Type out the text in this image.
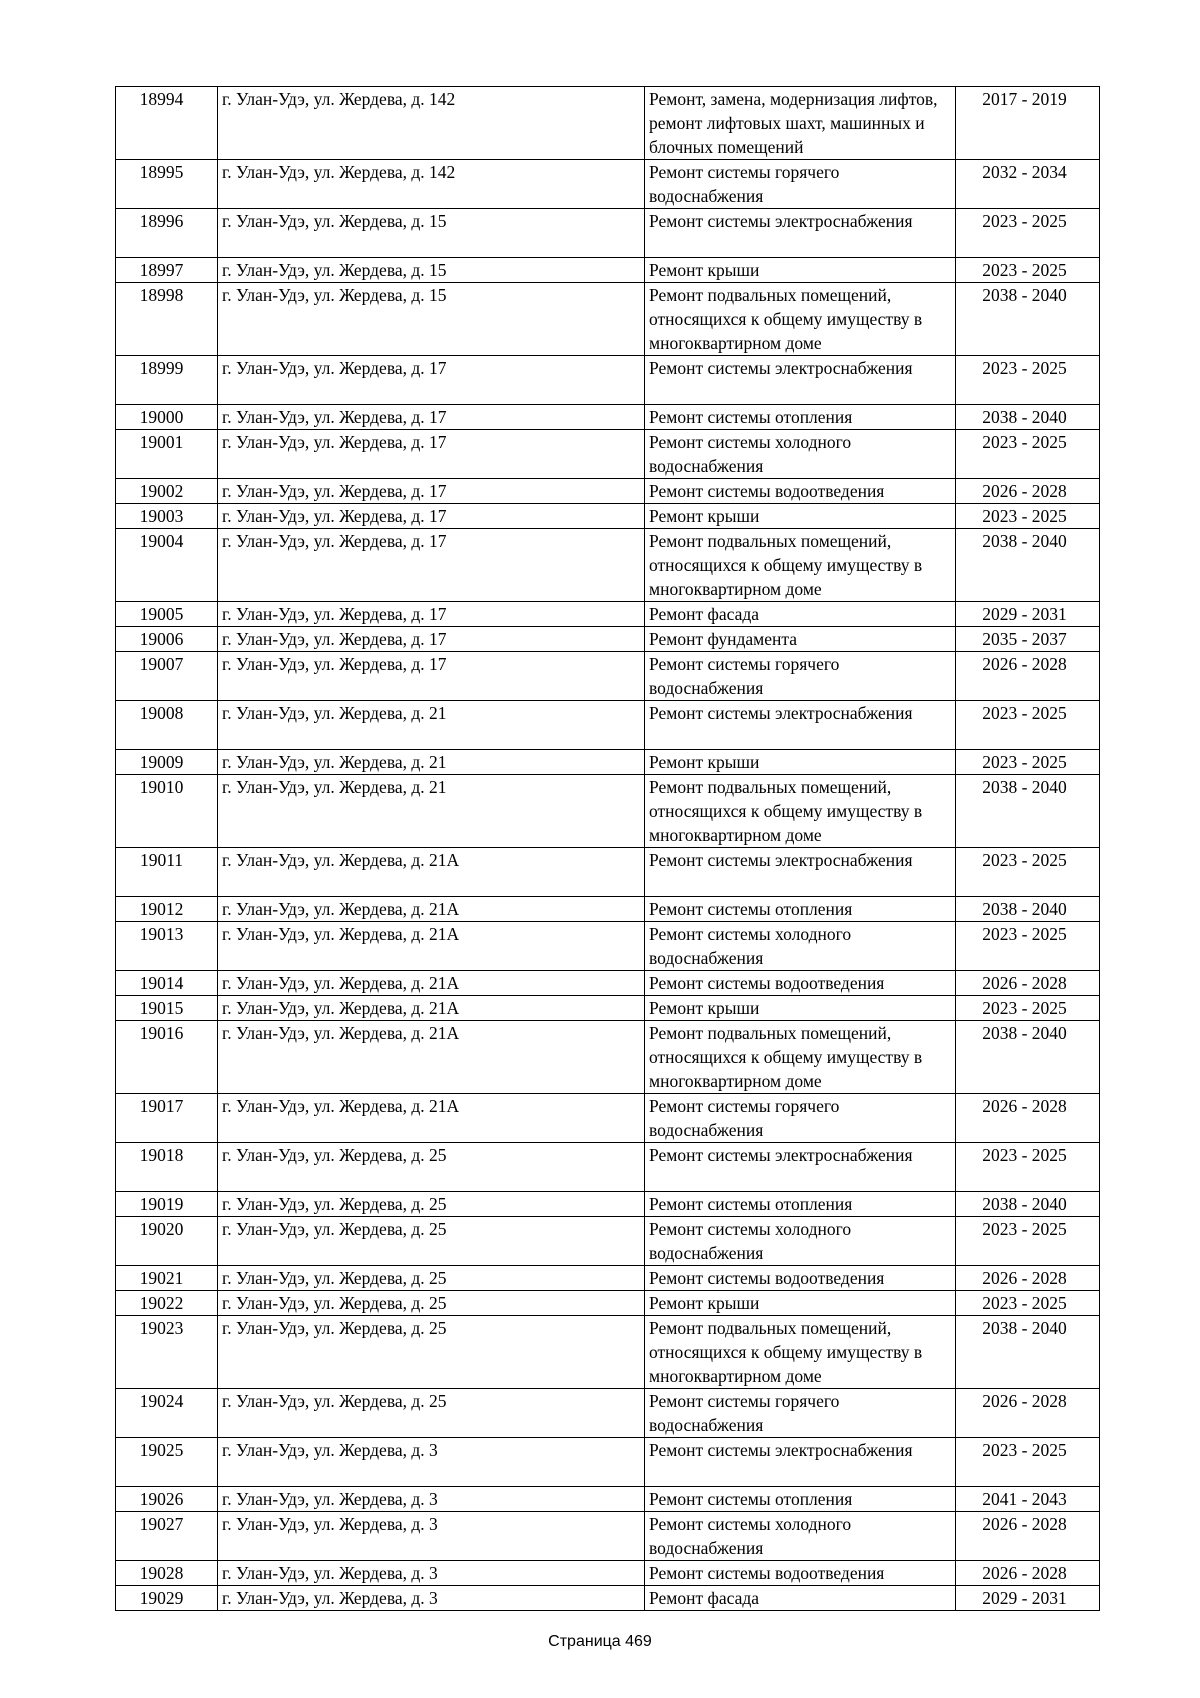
18994	г. Улан-Удэ, ул. Жердева, д. 142	Ремонт, замена, модернизация лифтов, ремонт лифтовых шахт, машинных и блочных помещений	2017 - 2019
18995	г. Улан-Удэ, ул. Жердева, д. 142	Ремонт системы горячего водоснабжения	2032 - 2034
18996	г. Улан-Удэ, ул. Жердева, д. 15	Ремонт системы электроснабжения	2023 - 2025
18997	г. Улан-Удэ, ул. Жердева, д. 15	Ремонт крыши	2023 - 2025
18998	г. Улан-Удэ, ул. Жердева, д. 15	Ремонт подвальных помещений, относящихся к общему имуществу в многоквартирном доме	2038 - 2040
18999	г. Улан-Удэ, ул. Жердева, д. 17	Ремонт системы электроснабжения	2023 - 2025
19000	г. Улан-Удэ, ул. Жердева, д. 17	Ремонт системы отопления	2038 - 2040
19001	г. Улан-Удэ, ул. Жердева, д. 17	Ремонт системы холодного водоснабжения	2023 - 2025
19002	г. Улан-Удэ, ул. Жердева, д. 17	Ремонт системы водоотведения	2026 - 2028
19003	г. Улан-Удэ, ул. Жердева, д. 17	Ремонт крыши	2023 - 2025
19004	г. Улан-Удэ, ул. Жердева, д. 17	Ремонт подвальных помещений, относящихся к общему имуществу в многоквартирном доме	2038 - 2040
19005	г. Улан-Удэ, ул. Жердева, д. 17	Ремонт фасада	2029 - 2031
19006	г. Улан-Удэ, ул. Жердева, д. 17	Ремонт фундамента	2035 - 2037
19007	г. Улан-Удэ, ул. Жердева, д. 17	Ремонт системы горячего водоснабжения	2026 - 2028
19008	г. Улан-Удэ, ул. Жердева, д. 21	Ремонт системы электроснабжения	2023 - 2025
19009	г. Улан-Удэ, ул. Жердева, д. 21	Ремонт крыши	2023 - 2025
19010	г. Улан-Удэ, ул. Жердева, д. 21	Ремонт подвальных помещений, относящихся к общему имуществу в многоквартирном доме	2038 - 2040
19011	г. Улан-Удэ, ул. Жердева, д. 21А	Ремонт системы электроснабжения	2023 - 2025
19012	г. Улан-Удэ, ул. Жердева, д. 21А	Ремонт системы отопления	2038 - 2040
19013	г. Улан-Удэ, ул. Жердева, д. 21А	Ремонт системы холодного водоснабжения	2023 - 2025
19014	г. Улан-Удэ, ул. Жердева, д. 21А	Ремонт системы водоотведения	2026 - 2028
19015	г. Улан-Удэ, ул. Жердева, д. 21А	Ремонт крыши	2023 - 2025
19016	г. Улан-Удэ, ул. Жердева, д. 21А	Ремонт подвальных помещений, относящихся к общему имуществу в многоквартирном доме	2038 - 2040
19017	г. Улан-Удэ, ул. Жердева, д. 21А	Ремонт системы горячего водоснабжения	2026 - 2028
19018	г. Улан-Удэ, ул. Жердева, д. 25	Ремонт системы электроснабжения	2023 - 2025
19019	г. Улан-Удэ, ул. Жердева, д. 25	Ремонт системы отопления	2038 - 2040
19020	г. Улан-Удэ, ул. Жердева, д. 25	Ремонт системы холодного водоснабжения	2023 - 2025
19021	г. Улан-Удэ, ул. Жердева, д. 25	Ремонт системы водоотведения	2026 - 2028
19022	г. Улан-Удэ, ул. Жердева, д. 25	Ремонт крыши	2023 - 2025
19023	г. Улан-Удэ, ул. Жердева, д. 25	Ремонт подвальных помещений, относящихся к общему имуществу в многоквартирном доме	2038 - 2040
19024	г. Улан-Удэ, ул. Жердева, д. 25	Ремонт системы горячего водоснабжения	2026 - 2028
19025	г. Улан-Удэ, ул. Жердева, д. 3	Ремонт системы электроснабжения	2023 - 2025
19026	г. Улан-Удэ, ул. Жердева, д. 3	Ремонт системы отопления	2041 - 2043
19027	г. Улан-Удэ, ул. Жердева, д. 3	Ремонт системы холодного водоснабжения	2026 - 2028
19028	г. Улан-Удэ, ул. Жердева, д. 3	Ремонт системы водоотведения	2026 - 2028
19029	г. Улан-Удэ, ул. Жердева, д. 3	Ремонт фасада	2029 - 2031
Страница 469
